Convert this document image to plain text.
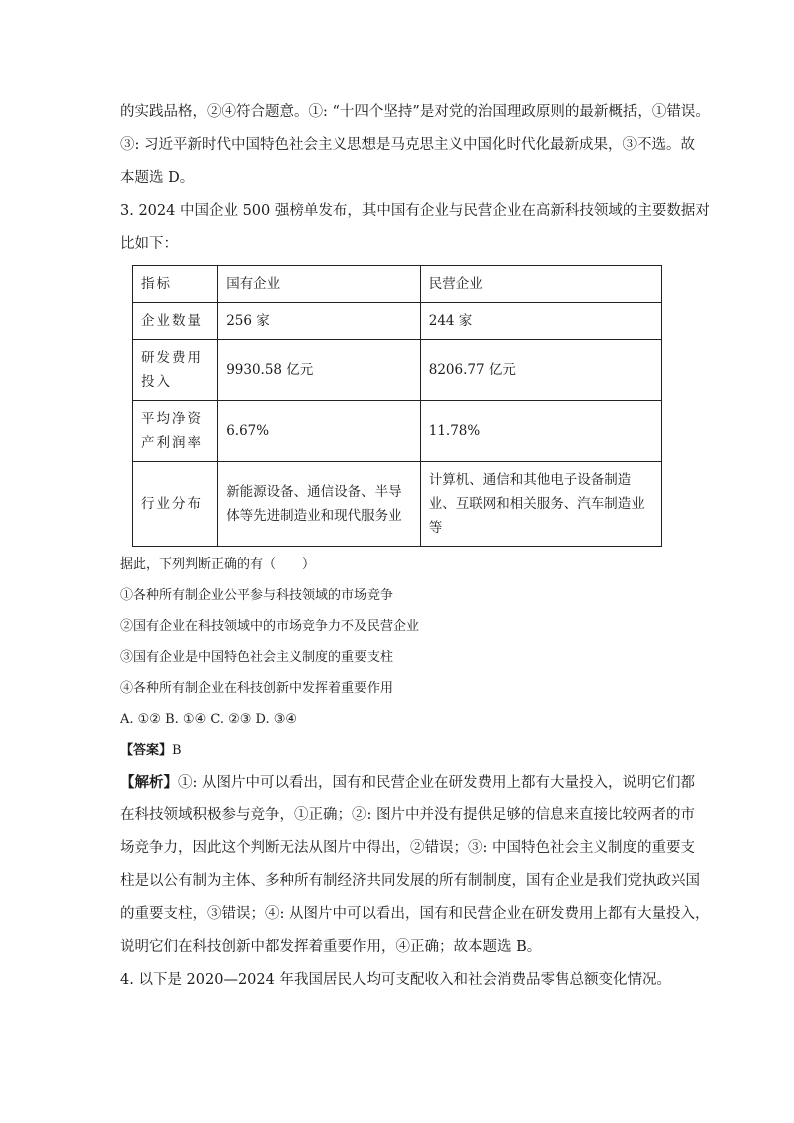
的实践品格，②④符合题意。①: “十四个坚持”是对党的治国理政原则的最新概括，①错误。
③: 习近平新时代中国特色社会主义思想是马克思主义中国化时代化最新成果，③不选。故
本题选 D。
3. 2024 中国企业 500 强榜单发布，其中国有企业与民营企业在高新科技领域的主要数据对
比如下：
指标	国有企业	民营企业
企业数量	256 家	244 家
研发费用投入	9930.58 亿元	8206.77 亿元
平均净资产利润率	6.67%	11.78%
行业分布	新能源设备、通信设备、半导体等先进制造业和现代服务业	计算机、通信和其他电子设备制造业、互联网和相关服务、汽车制造业等
据此，下列判断正确的有（　　）
①各种所有制企业公平参与科技领域的市场竞争
②国有企业在科技领域中的市场竞争力不及民营企业
③国有企业是中国特色社会主义制度的重要支柱
④各种所有制企业在科技创新中发挥着重要作用
A. ①② B. ①④ C. ②③ D. ③④
【答案】B
【解析】①: 从图片中可以看出，国有和民营企业在研发费用上都有大量投入，说明它们都
在科技领域积极参与竞争，①正确；②: 图片中并没有提供足够的信息来直接比较两者的市
场竞争力，因此这个判断无法从图片中得出，②错误；③: 中国特色社会主义制度的重要支
柱是以公有制为主体、多种所有制经济共同发展的所有制制度，国有企业是我们党执政兴国
的重要支柱，③错误；④: 从图片中可以看出，国有和民营企业在研发费用上都有大量投入，
说明它们在科技创新中都发挥着重要作用，④正确；故本题选 B。
4. 以下是 2020—2024 年我国居民人均可支配收入和社会消费品零售总额变化情况。
